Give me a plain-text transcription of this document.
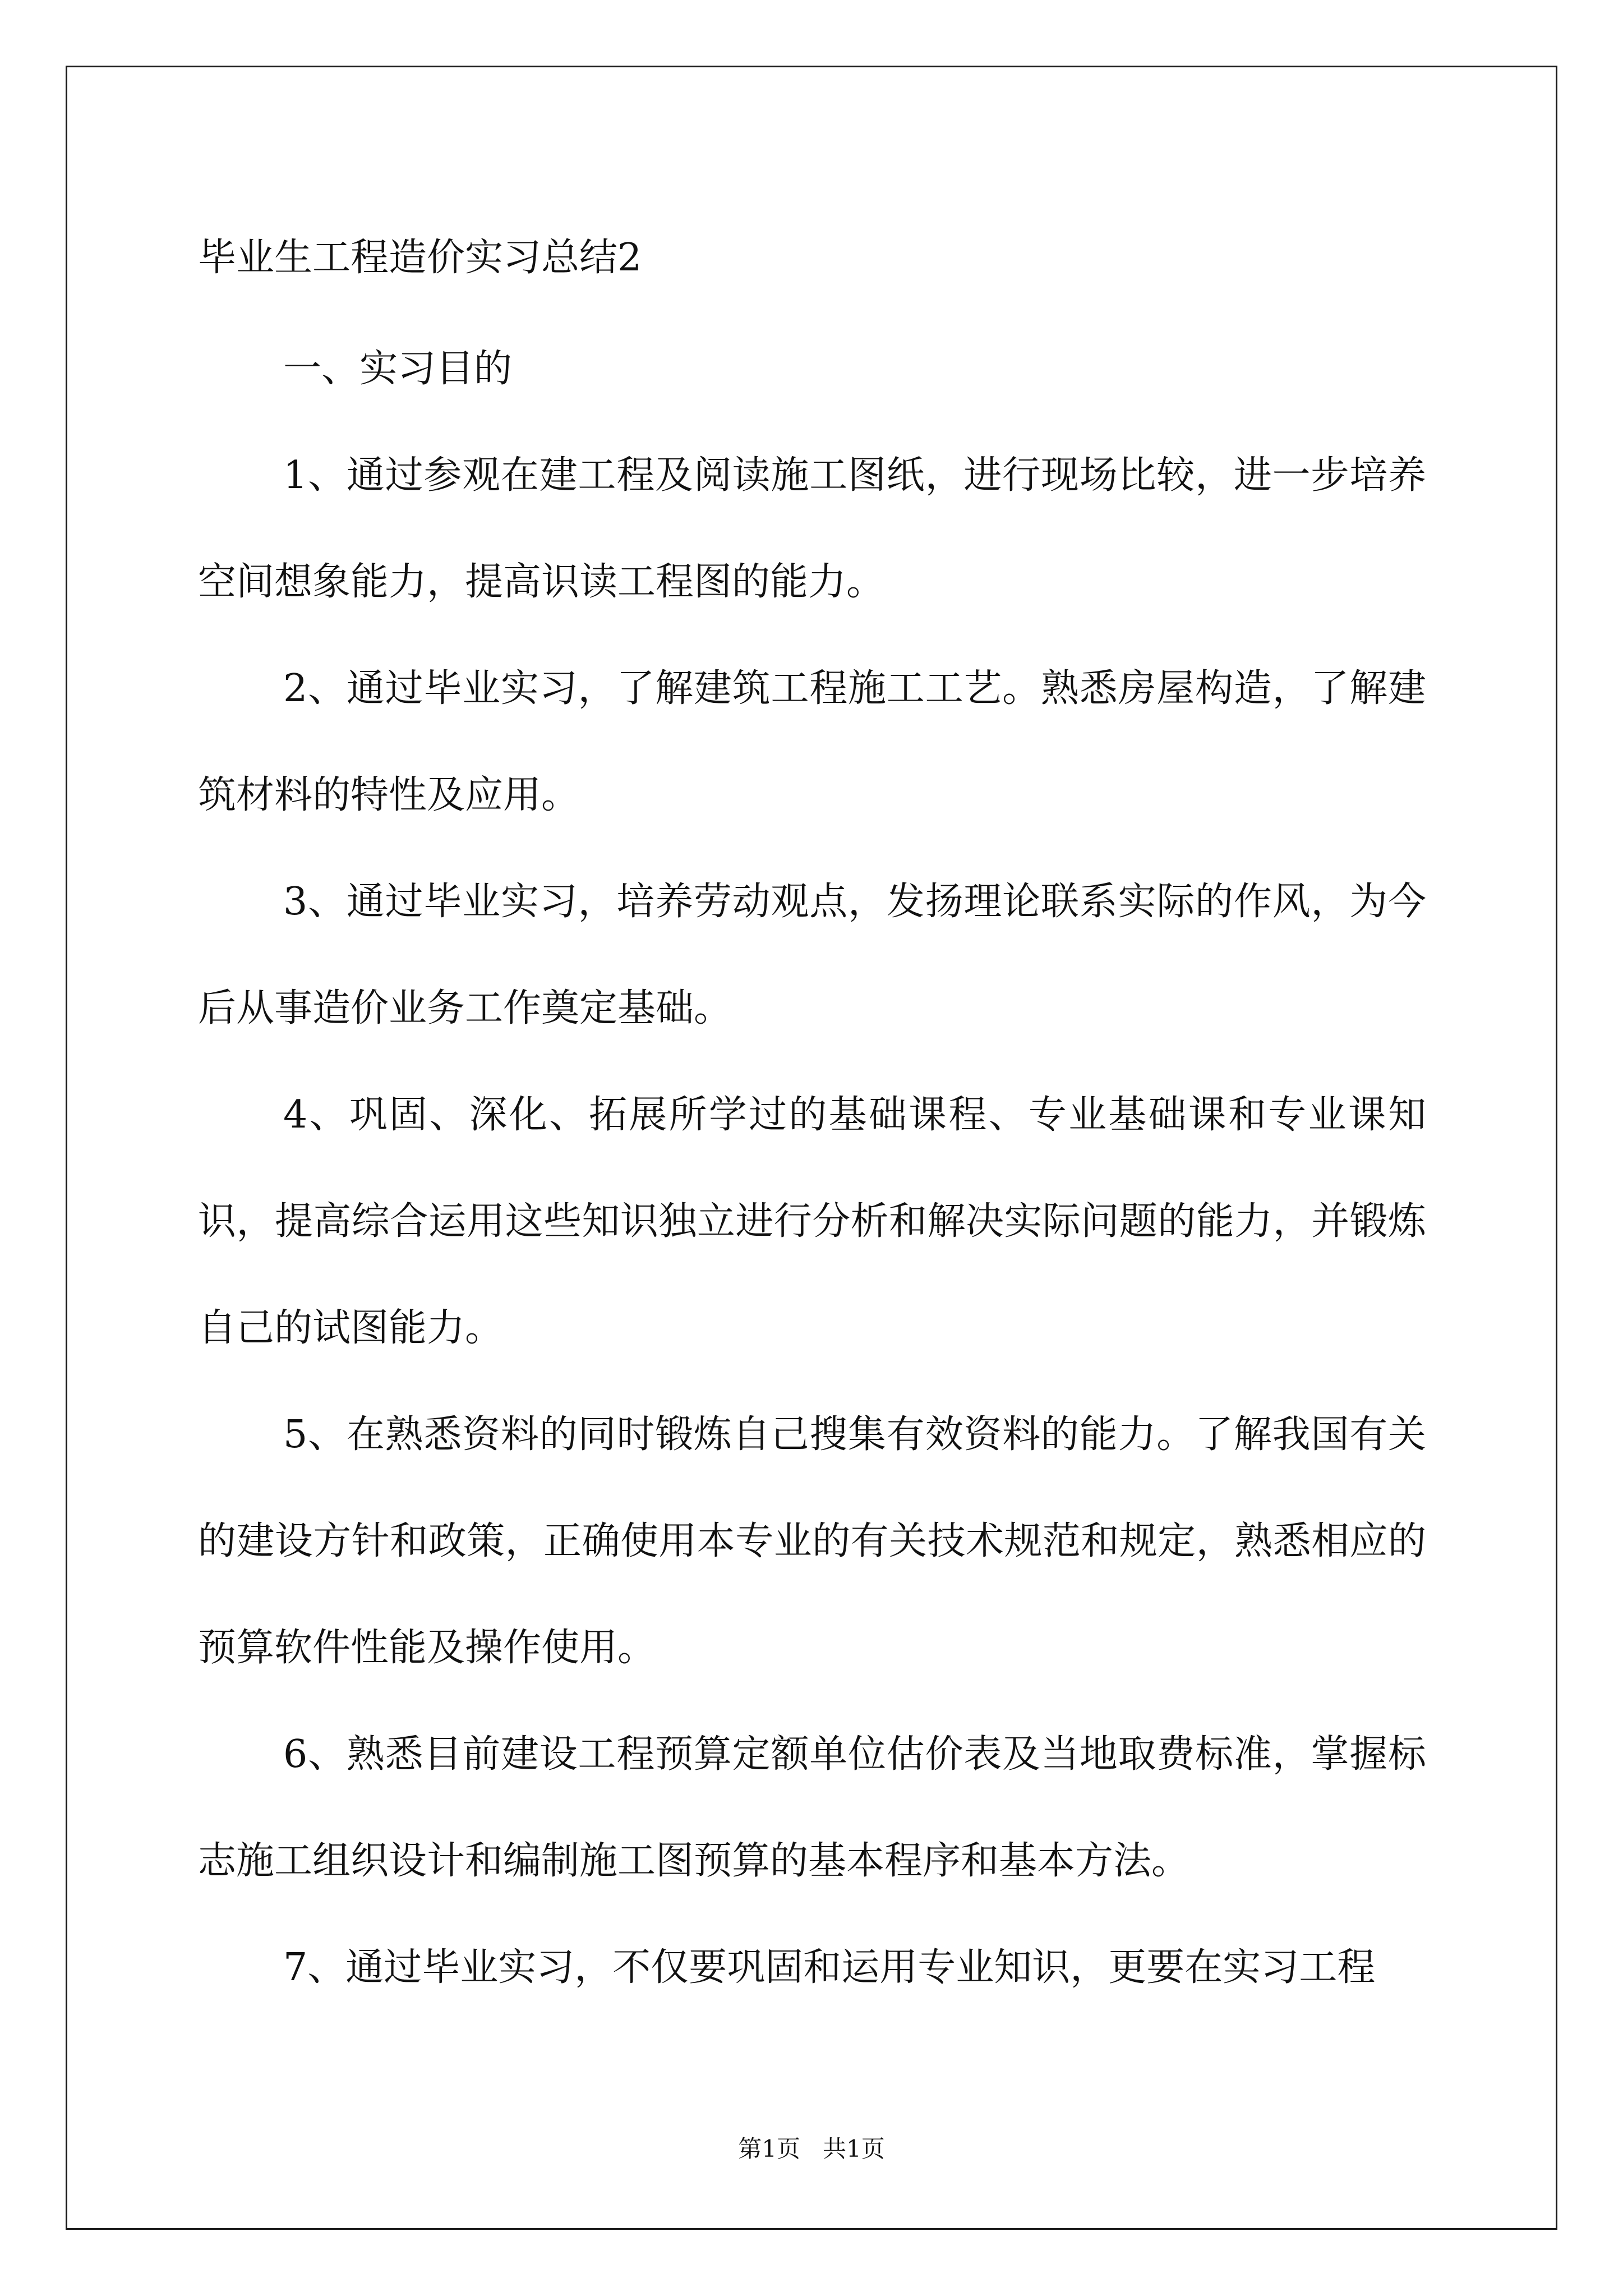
毕业生工程造价实习总结2

一、实习目的

1、通过参观在建工程及阅读施工图纸，进行现场比较，进一步培养空间想象能力，提高识读工程图的能力。

2、通过毕业实习，了解建筑工程施工工艺。熟悉房屋构造，了解建筑材料的特性及应用。

3、通过毕业实习，培养劳动观点，发扬理论联系实际的作风，为今后从事造价业务工作奠定基础。

4、巩固、深化、拓展所学过的基础课程、专业基础课和专业课知识，提高综合运用这些知识独立进行分析和解决实际问题的能力，并锻炼自己的试图能力。

5、在熟悉资料的同时锻炼自己搜集有效资料的能力。了解我国有关的建设方针和政策，正确使用本专业的有关技术规范和规定，熟悉相应的预算软件性能及操作使用。

6、熟悉目前建设工程预算定额单位估价表及当地取费标准，掌握标志施工组织设计和编制施工图预算的基本程序和基本方法。

7、通过毕业实习，不仅要巩固和运用专业知识，更要在实习工程

第1页   共1页
